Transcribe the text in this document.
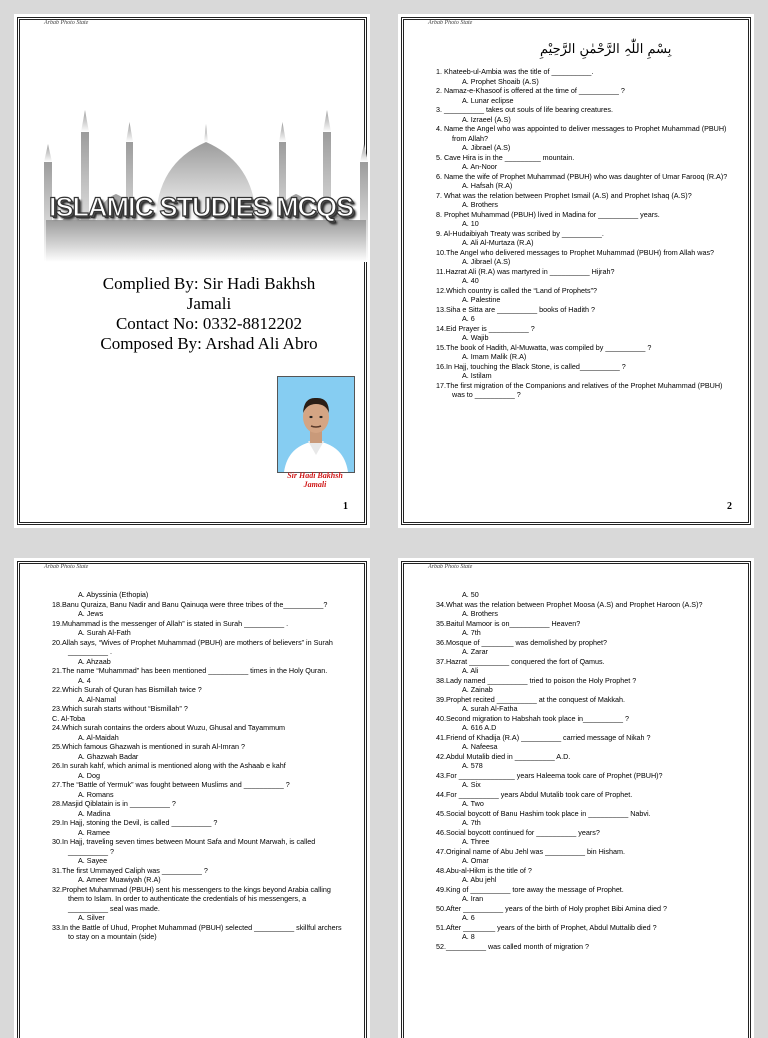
Arbab Photo State
ISLAMIC STUDIES MCQS
Complied By: Sir Hadi Bakhsh
Jamali
Contact No: 0332-8812202
Composed By: Arshad Ali Abro
Sir Hadi Bakhsh Jamali
1
Arbab Photo State
بِسْمِ اللّٰہِ الرَّحْمٰنِ الرَّحِیْمِ
1. Khateeb-ul-Ambia was the title of __________.
A. Prophet Shoaib (A.S)
2. Namaz-e-Khasoof is offered at the time of __________ ?
A. Lunar eclipse
3. __________ takes out souls of life bearing creatures.
A. Izraeel (A.S)
4. Name the Angel who was appointed to deliver messages to Prophet Muhammad (PBUH) from Allah?
A. Jibrael (A.S)
5. Cave Hira is in the _________ mountain.
A. An-Noor
6. Name the wife of Prophet Muhammad (PBUH) who was daughter of Umar Farooq (R.A)?
A. Hafsah (R.A)
7. What was the relation between Prophet Ismail (A.S) and Prophet Ishaq (A.S)?
A. Brothers
8. Prophet Muhammad (PBUH) lived in Madina for __________ years.
A. 10
9. Al-Hudaibiyah Treaty was scribed by __________.
A. Ali Al-Murtaza (R.A)
10.The Angel who delivered messages to Prophet Muhammad (PBUH) from Allah was?
A. Jibrael (A.S)
11.Hazrat Ali (R.A) was martyred in __________ Hijrah?
A. 40
12.Which country is called the “Land of Prophets”?
A. Palestine
13.Siha e Sitta are __________ books of Hadith ?
A. 6
14.Eid Prayer is __________ ?
A. Wajib
15.The book of Hadith, Al-Muwatta, was compiled by __________ ?
A. Imam Malik (R.A)
16.In Hajj, touching the Black Stone, is called__________ ?
A. Istilam
17.The first migration of the Companions and relatives of the Prophet Muhammad (PBUH) was to __________ ?
2
Arbab Photo State
A. Abyssinia (Ethopia)
18.Banu Quraiza, Banu Nadir and Banu Qainuqa were three tribes of the__________?
A. Jews
19.Muhammad is the messenger of Allah” is stated in Surah __________ .
A. Surah Al-Fath
20.Allah says, “Wives of Prophet Muhammad (PBUH) are mothers of believers” in Surah __________ .
A. Ahzaab
21.The name “Muhammad” has been mentioned __________ times in the Holy Quran.
A. 4
22.Which Surah of Quran has Bismillah twice ?
A. Al-Namal
23.Which surah starts without “Bismillah” ?
C. Al-Toba
24.Which surah contains the orders about Wuzu, Ghusal and Tayammum
A. Al-Maidah
25.Which famous Ghazwah is mentioned in surah Al-Imran ?
A. Ghazwah Badar
26.In surah kahf, which animal is mentioned along with the Ashaab e kahf
A. Dog
27.The “Battle of Yermuk” was fought between Muslims and __________ ?
A. Romans
28.Masjid Qiblatain is in __________ ?
A. Madina
29.In Hajj, stoning the Devil, is called __________ ?
A. Ramee
30.In Hajj, traveling seven times between Mount Safa and Mount Marwah, is called __________ ?
A. Sayee
31.The first Ummayed Caliph was __________ ?
A. Ameer Muawiyah (R.A)
32.Prophet Muhammad (PBUH) sent his messengers to the kings beyond Arabia calling them to Islam. In order to authenticate the credentials of his messengers, a __________ seal was made.
A. Silver
33.In the Battle of Uhud, Prophet Muhammad (PBUH) selected __________ skillful archers to stay on a mountain (side)
Arbab Photo State
A. 50
34.What was the relation between Prophet Moosa (A.S) and Prophet Haroon (A.S)?
A. Brothers
35.Baitul Mamoor is on__________ Heaven?
A. 7th
36.Mosque of ________ was demolished by prophet?
A. Zarar
37.Hazrat __________ conquered the fort of Qamus.
A. Ali
38.Lady named __________ tried to poison the Holy Prophet ?
A. Zainab
39.Prophet recited __________ at the conquest of Makkah.
A. surah Al-Fatha
40.Second migration to Habshah took place in__________ ?
A. 616 A.D
41.Friend of Khadija (R.A) __________ carried message of Nikah ?
A. Nafeesa
42.Abdul Mutalib died in __________ A.D.
A. 578
43.For ______________ years Haleema took care of Prophet (PBUH)?
A. Six
44.For __________ years Abdul Mutalib took care of Prophet.
A. Two
45.Social boycott of Banu Hashim took place in __________ Nabvi.
A. 7th
46.Social boycott continued for __________ years?
A. Three
47.Original name of Abu Jehl was __________ bin Hisham.
A. Omar
48.Abu-al-Hikm is the title of ?
A. Abu jehl
49.King of __________ tore away the message of Prophet.
A. Iran
50.After __________ years of the birth of Holy prophet Bibi Amina died ?
A. 6
51.After ________ years of the birth of Prophet, Abdul Muttalib died ?
A. 8
52.__________ was called month of migration ?
